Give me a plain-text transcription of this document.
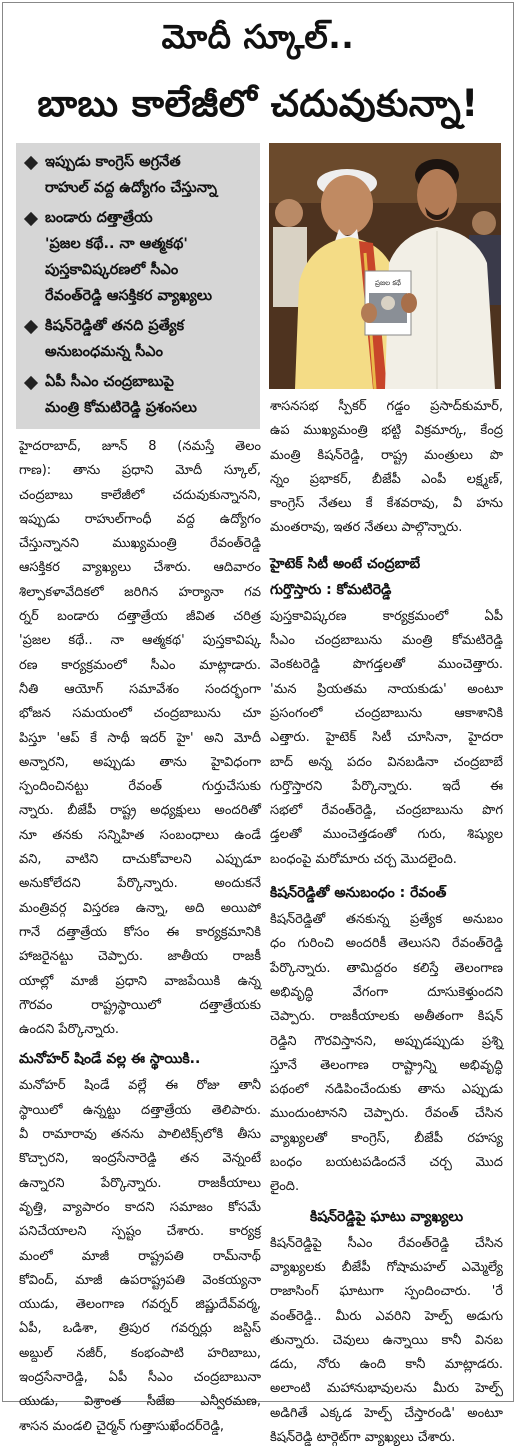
మోదీ స్కూల్..
బాబు కాలేజీలో చదువుకున్నా!
ఇప్పుడు కాంగ్రెస్ అగ్రనేత
రాహుల్ వద్ద ఉద్యోగం చేస్తున్నా
బండారు దత్తాత్రేయ
'ప్రజల కథే.. నా ఆత్మకథ'
పుస్తకావిష్కరణలో సీఎం
రేవంత్‌రెడ్డి ఆసక్తికర వ్యాఖ్యలు
కిషన్‌రెడ్డితో తనది ప్రత్యేక
అనుబంధమన్న సీఎం
ఏపీ సీఎం చంద్రబాబుపై
మంత్రి కోమటిరెడ్డి ప్రశంసలు
ప్రజల కథే
హైదరాబాద్, జూన్ 8 (నమస్తే తెలం
గాణ): తాను ప్రధాని మోదీ స్కూల్,
చంద్రబాబు కాలేజీలో చదువుకున్నానని,
ఇప్పుడు రాహుల్‌గాంధీ వద్ద ఉద్యోగం
చేస్తున్నానని ముఖ్యమంత్రి రేవంత్‌రెడ్డి
ఆసక్తికర వ్యాఖ్యలు చేశారు. ఆదివారం
శిల్పాకళావేదికలో జరిగిన హర్యానా గవ
ర్నర్ బండారు దత్తాత్రేయ జీవిత చరిత్ర
'ప్రజల కథే.. నా ఆత్మకథ' పుస్తకావిష్క
రణ కార్యక్రమంలో సీఎం మాట్లాడారు.
నీతి ఆయోగ్ సమావేశం సందర్భంగా
భోజన సమయంలో చంద్రబాబును చూ
పిస్తూ 'ఆప్ కే సాథీ ఇదర్ హై' అని మోదీ
అన్నారని, అప్పుడు తాను హైవిధంగా
స్పందించినట్టు రేవంత్ గుర్తుచేసుకు
న్నారు. బీజేపీ రాష్ట్ర అధ్యక్షులు అందరితో
నూ తనకు సన్నిహిత సంబంధాలు ఉండే
వని, వాటిని దాచుకోవాలని ఎప్పుడూ
అనుకోలేదని పేర్కొన్నారు. అందుకనే
మంత్రివర్గ విస్తరణ ఉన్నా, అది అయిపో
గానే దత్తాత్రేయ కోసం ఈ కార్యక్రమానికి
హాజరైనట్టు చెప్పారు. జాతీయ రాజకీ
యాల్లో మాజీ ప్రధాని వాజపేయికి ఉన్న
గౌరవం రాష్ట్రస్థాయిలో దత్తాత్రేయకు
ఉందని పేర్కొన్నారు.
మనోహర్ షిండే వల్ల ఈ స్థాయికి..
మనోహర్ షిండే వల్లే ఈ రోజు తానీ
స్థాయిలో ఉన్నట్టు దత్తాత్రేయ తెలిపారు.
వీ రామారావు తనను పాలిటిక్స్‌లోకి తీసు
కొచ్చారని, ఇంద్రసేనారెడ్డి తన వెన్నంటే
ఉన్నారని పేర్కొన్నారు. రాజకీయాలు
వృత్తి, వ్యాపారం కాదని సమాజం కోసమే
పనిచేయాలని స్పష్టం చేశారు. కార్యక్ర
మంలో మాజీ రాష్ట్రపతి రామ్‌నాథ్
కోవింద్, మాజీ ఉపరాష్ట్రపతి వెంకయ్యనా
యుడు, తెలంగాణ గవర్నర్ జిష్ణుదేవ్‌వర్మ,
ఏపీ, ఒడిశా, త్రిపుర గవర్నర్లు జస్టిస్
అబ్దుల్ నజీర్, కంభంపాటి హరిబాబు,
ఇంద్రసేనారెడ్డి, ఏపీ సీఎం చంద్రబాబునా
యుడు, విశ్రాంత సీజేఐ ఎన్వీరమణ,
శాసన మండలి చైర్మన్ గుత్తాసుఖేందర్‌రెడ్డి,
శాసనసభ స్పీకర్ గడ్డం ప్రసాద్‌కుమార్,
ఉప ముఖ్యమంత్రి భట్టి విక్రమార్క, కేంద్ర
మంత్రి కిషన్‌రెడ్డి, రాష్ట్ర మంత్రులు పొ
న్నం ప్రభాకర్, బీజేపీ ఎంపీ లక్ష్మణ్,
కాంగ్రెస్ నేతలు కే కేశవరావు, వీ హను
మంతరావు, ఇతర నేతలు పాల్గొన్నారు.
హైటెక్ సిటీ అంటే చంద్రబాబే
గుర్తొస్తారు : కోమటిరెడ్డి
పుస్తకావిష్కరణ కార్యక్రమంలో ఏపీ
సీఎం చంద్రబాబును మంత్రి కోమటిరెడ్డి
వెంకటరెడ్డి పొగడ్తలతో ముంచెత్తారు.
'మన ప్రియతమ నాయకుడు' అంటూ
ప్రసంగంలో చంద్రబాబును ఆకాశానికి
ఎత్తారు. హైటెక్ సిటీ చూసినా, హైదరా
బాద్ అన్న పదం వినబడినా చంద్రబాబే
గుర్తొస్తారని పేర్కొన్నారు. ఇదే ఈ
సభలో రేవంత్‌రెడ్డి, చంద్రబాబును పొగ
డ్తలతో ముంచెత్తడంతో గురు, శిష్యుల
బంధంపై మరోమారు చర్చ మొదలైంది.
కిషన్‌రెడ్డితో అనుబంధం : రేవంత్
కిషన్‌రెడ్డితో తనకున్న ప్రత్యేక అనుబం
ధం గురించి అందరికీ తెలుసని రేవంత్‌రెడ్డి
పేర్కొన్నారు. తామిద్దరం కలిస్తే తెలంగాణ
అభివృద్ధి వేగంగా దూసుకెళ్తుందని
చెప్పారు. రాజకీయాలకు అతీతంగా కిషన్
రెడ్డిని గౌరవిస్తానని, అప్పుడప్పుడు ప్రశ్ని
స్తూనే తెలంగాణ రాష్ట్రాన్ని అభివృద్ధి
పథంలో నడిపించేందుకు తాను ఎప్పుడు
ముందుంటానని చెప్పారు. రేవంత్ చేసిన
వ్యాఖ్యలతో కాంగ్రెస్, బీజేపీ రహస్య
బంధం బయటపడిందనే చర్చ మొద
లైంది.
కిషన్‌రెడ్డిపై ఘాటు వ్యాఖ్యలు
కిషన్‌రెడ్డిపై సీఎం రేవంత్‌రెడ్డి చేసిన
వ్యాఖ్యలకు బీజేపీ గోషామహల్ ఎమ్మెల్యే
రాజాసింగ్ ఘాటుగా స్పందించారు. 'రే
వంత్‌రెడ్డి.. మీరు ఎవరిని హెల్ప్ అడుగు
తున్నారు. చెవులు ఉన్నాయి కానీ వినబ
డదు, నోరు ఉంది కానీ మాట్లాడరు.
అలాంటి మహానుభావులను మీరు హెల్ప్
అడిగితే ఎక్కడ హెల్ప్ చేస్తారండి' అంటూ
కిషన్‌రెడ్డి టార్గెట్‌గా వ్యాఖ్యలు చేశారు.
